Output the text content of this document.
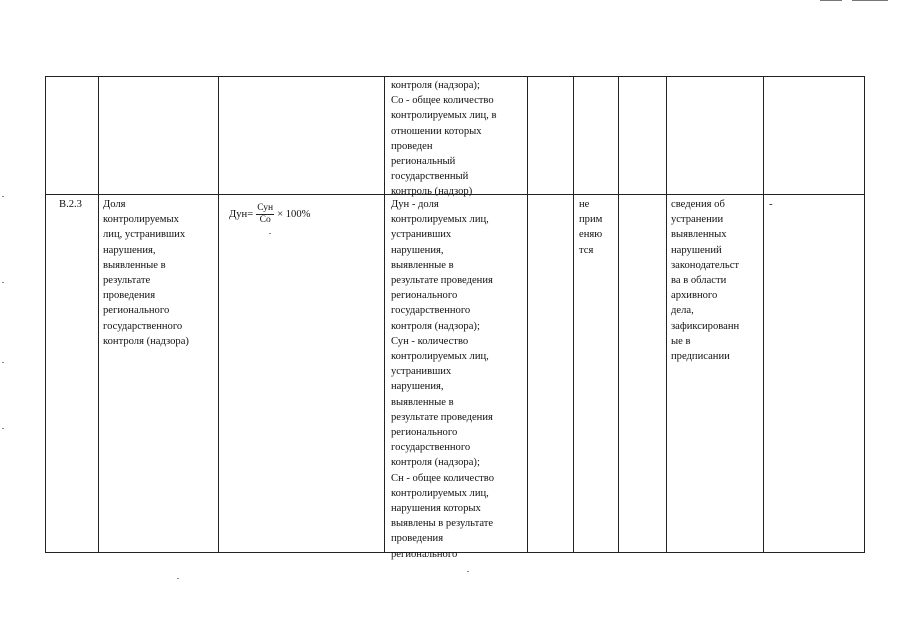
контроля (надзора);
Со - общее количество
контролируемых лиц, в
отношении которых
проведен
региональный
государственный
контроль (надзор)
В.2.3 Доля
контролируемых
лиц, устранивших
нарушения,
выявленные в
результате
проведения
регионального
государственного
контроля (надзора)
Дун = $\frac{\text{Сун}}{Со} \times 100\%$
Дун - доля
контролируемых лиц,
устранивших
нарушения,
выявленные в
результате проведения
регионального
государственного
контроля (надзора);
Сун - количество
контролируемых лиц,
устранивших
нарушения,
выявленные в
результате проведения
регионального
государственного
контроля (надзора);
Сн - общее количество
контролируемых лиц,
нарушения которых
выявлены в результате
проведения
регионального
не
прим
еняю
тся
сведения об
устранении
выявленных
нарушений
законодательст
ва в области
архивного
дела,
зафиксированн
ые в
предписании
-
